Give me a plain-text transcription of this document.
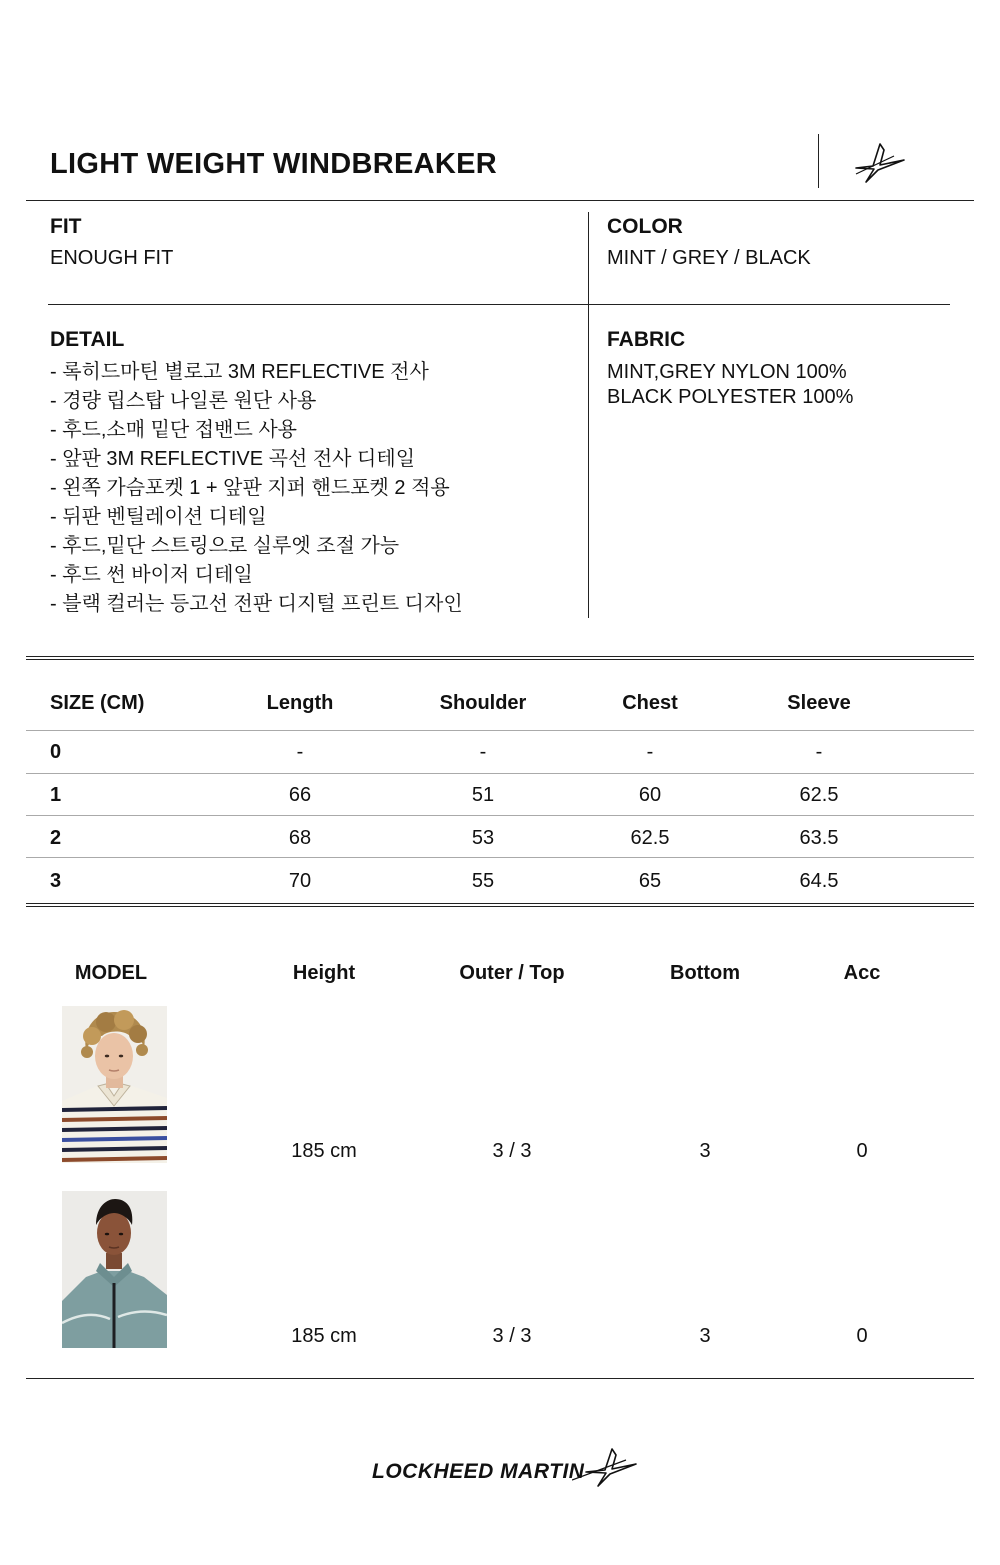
LIGHT WEIGHT WINDBREAKER
FIT
ENOUGH FIT
COLOR
MINT / GREY / BLACK
DETAIL
- 록히드마틴 별로고 3M REFLECTIVE 전사
- 경량 립스탑 나일론 원단 사용
- 후드,소매 밑단 접밴드 사용
- 앞판 3M REFLECTIVE 곡선 전사 디테일
- 왼쪽 가슴포켓 1 + 앞판 지퍼 핸드포켓 2 적용
- 뒤판 벤틸레이션 디테일
- 후드,밑단 스트링으로 실루엣 조절 가능
- 후드 썬 바이저 디테일
- 블랙 컬러는 등고선 전판 디지털 프린트 디자인
FABRIC
MINT,GREY NYLON 100%
BLACK POLYESTER 100%
SIZE (CM)	Length	Shoulder	Chest	Sleeve
0	-	-	-	-
1	66	51	60	62.5
2	68	53	62.5	63.5
3	70	55	65	64.5
MODEL	Height	Outer / Top	Bottom	Acc
185 cm	3 / 3	3	0
185 cm	3 / 3	3	0
LOCKHEED MARTIN
